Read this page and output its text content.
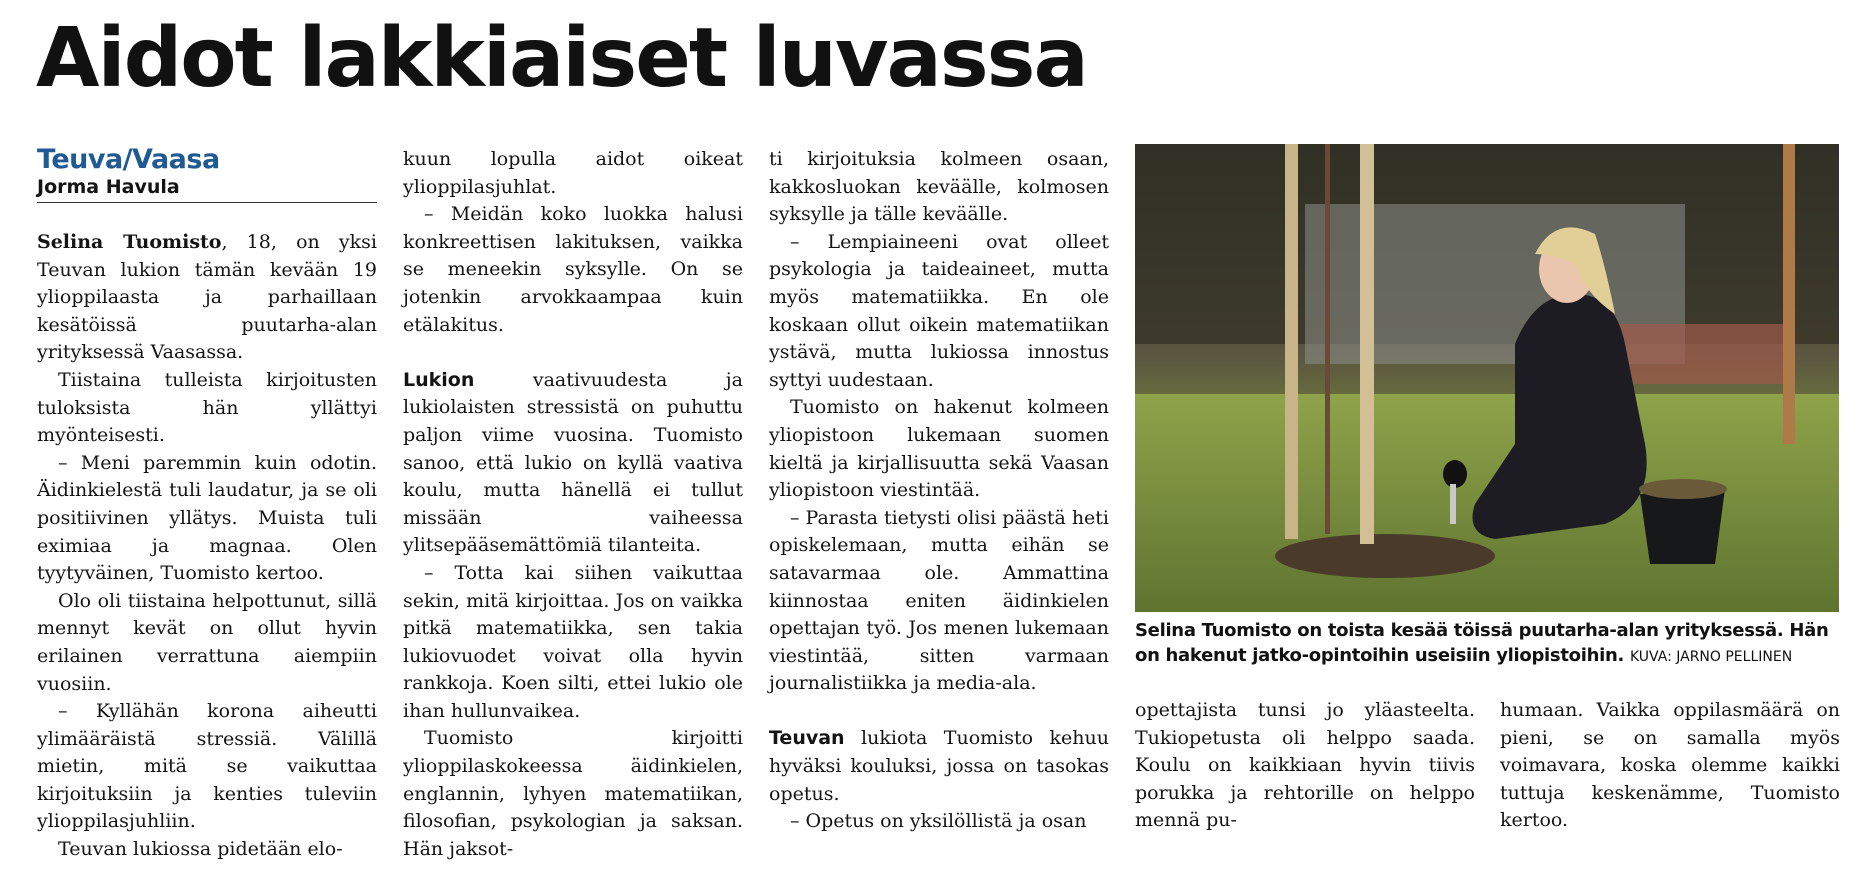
Aidot lakkiaiset luvassa
Teuva/Vaasa
Jorma Havula

Selina Tuomisto, 18, on yksi Teuvan lukion tämän kevään 19 ylioppilaasta ja parhaillaan kesätöissä puutarha-alan yrityksessä Vaasassa.

Tiistaina tulleista kirjoitusten tuloksista hän yllättyi myönteisesti.

– Meni paremmin kuin odotin. Äidinkielestä tuli laudatur, ja se oli positiivinen yllätys. Muista tuli eximiaa ja magnaa. Olen tyytyväinen, Tuomisto kertoo.

Olo oli tiistaina helpottunut, sillä mennyt kevät on ollut hyvin erilainen verrattuna aiempiin vuosiin.

– Kyllähän korona aiheutti ylimääräistä stressiä. Välillä mietin, mitä se vaikuttaa kirjoituksiin ja kenties tuleviin ylioppilasjuhliin.

Teuvan lukiossa pidetään elo-

kuun lopulla aidot oikeat ylioppilasjuhlat.

– Meidän koko luokka halusi konkreettisen lakituksen, vaikka se meneekin syksylle. On se jotenkin arvokkaampaa kuin etälakitus.

Lukion vaativuudesta ja lukiolaisten stressistä on puhuttu paljon viime vuosina. Tuomisto sanoo, että lukio on kyllä vaativa koulu, mutta hänellä ei tullut missään vaiheessa ylitsepääsemättömiä tilanteita.

– Totta kai siihen vaikuttaa sekin, mitä kirjoittaa. Jos on vaikka pitkä matematiikka, sen takia lukiovuodet voivat olla hyvin rankkoja. Koen silti, ettei lukio ole ihan hullunvaikea.

Tuomisto kirjoitti ylioppilaskokeessa äidinkielen, englannin, lyhyen matematiikan, filosofian, psykologian ja saksan. Hän jaksot-

ti kirjoituksia kolmeen osaan, kakkosluokan keväälle, kolmosen syksylle ja tälle keväälle.

– Lempiaineeni ovat olleet psykologia ja taideaineet, mutta myös matematiikka. En ole koskaan ollut oikein matematiikan ystävä, mutta lukiossa innostus syttyi uudestaan.

Tuomisto on hakenut kolmeen yliopistoon lukemaan suomen kieltä ja kirjallisuutta sekä Vaasan yliopistoon viestintää.

– Parasta tietysti olisi päästä heti opiskelemaan, mutta eihän se satavarmaa ole. Ammattina kiinnostaa eniten äidinkielen opettajan työ. Jos menen lukemaan viestintää, sitten varmaan journalistiikka ja media-ala.

Teuvan lukiota Tuomisto kehuu hyväksi kouluksi, jossa on tasokas opetus.

– Opetus on yksilöllistä ja osan

Selina Tuomisto on toista kesää töissä puutarha-alan yrityksessä. Hän on hakenut jatko-opintoihin useisiin yliopistoihin. KUVA: JARNO PELLINEN

opettajista tunsi jo yläasteelta. Tukiopetusta oli helppo saada. Koulu on kaikkiaan hyvin tiivis porukka ja rehtorille on helppo mennä pu-

humaan. Vaikka oppilasmäärä on pieni, se on samalla myös voimavara, koska olemme kaikki tuttuja keskenämme, Tuomisto kertoo.
